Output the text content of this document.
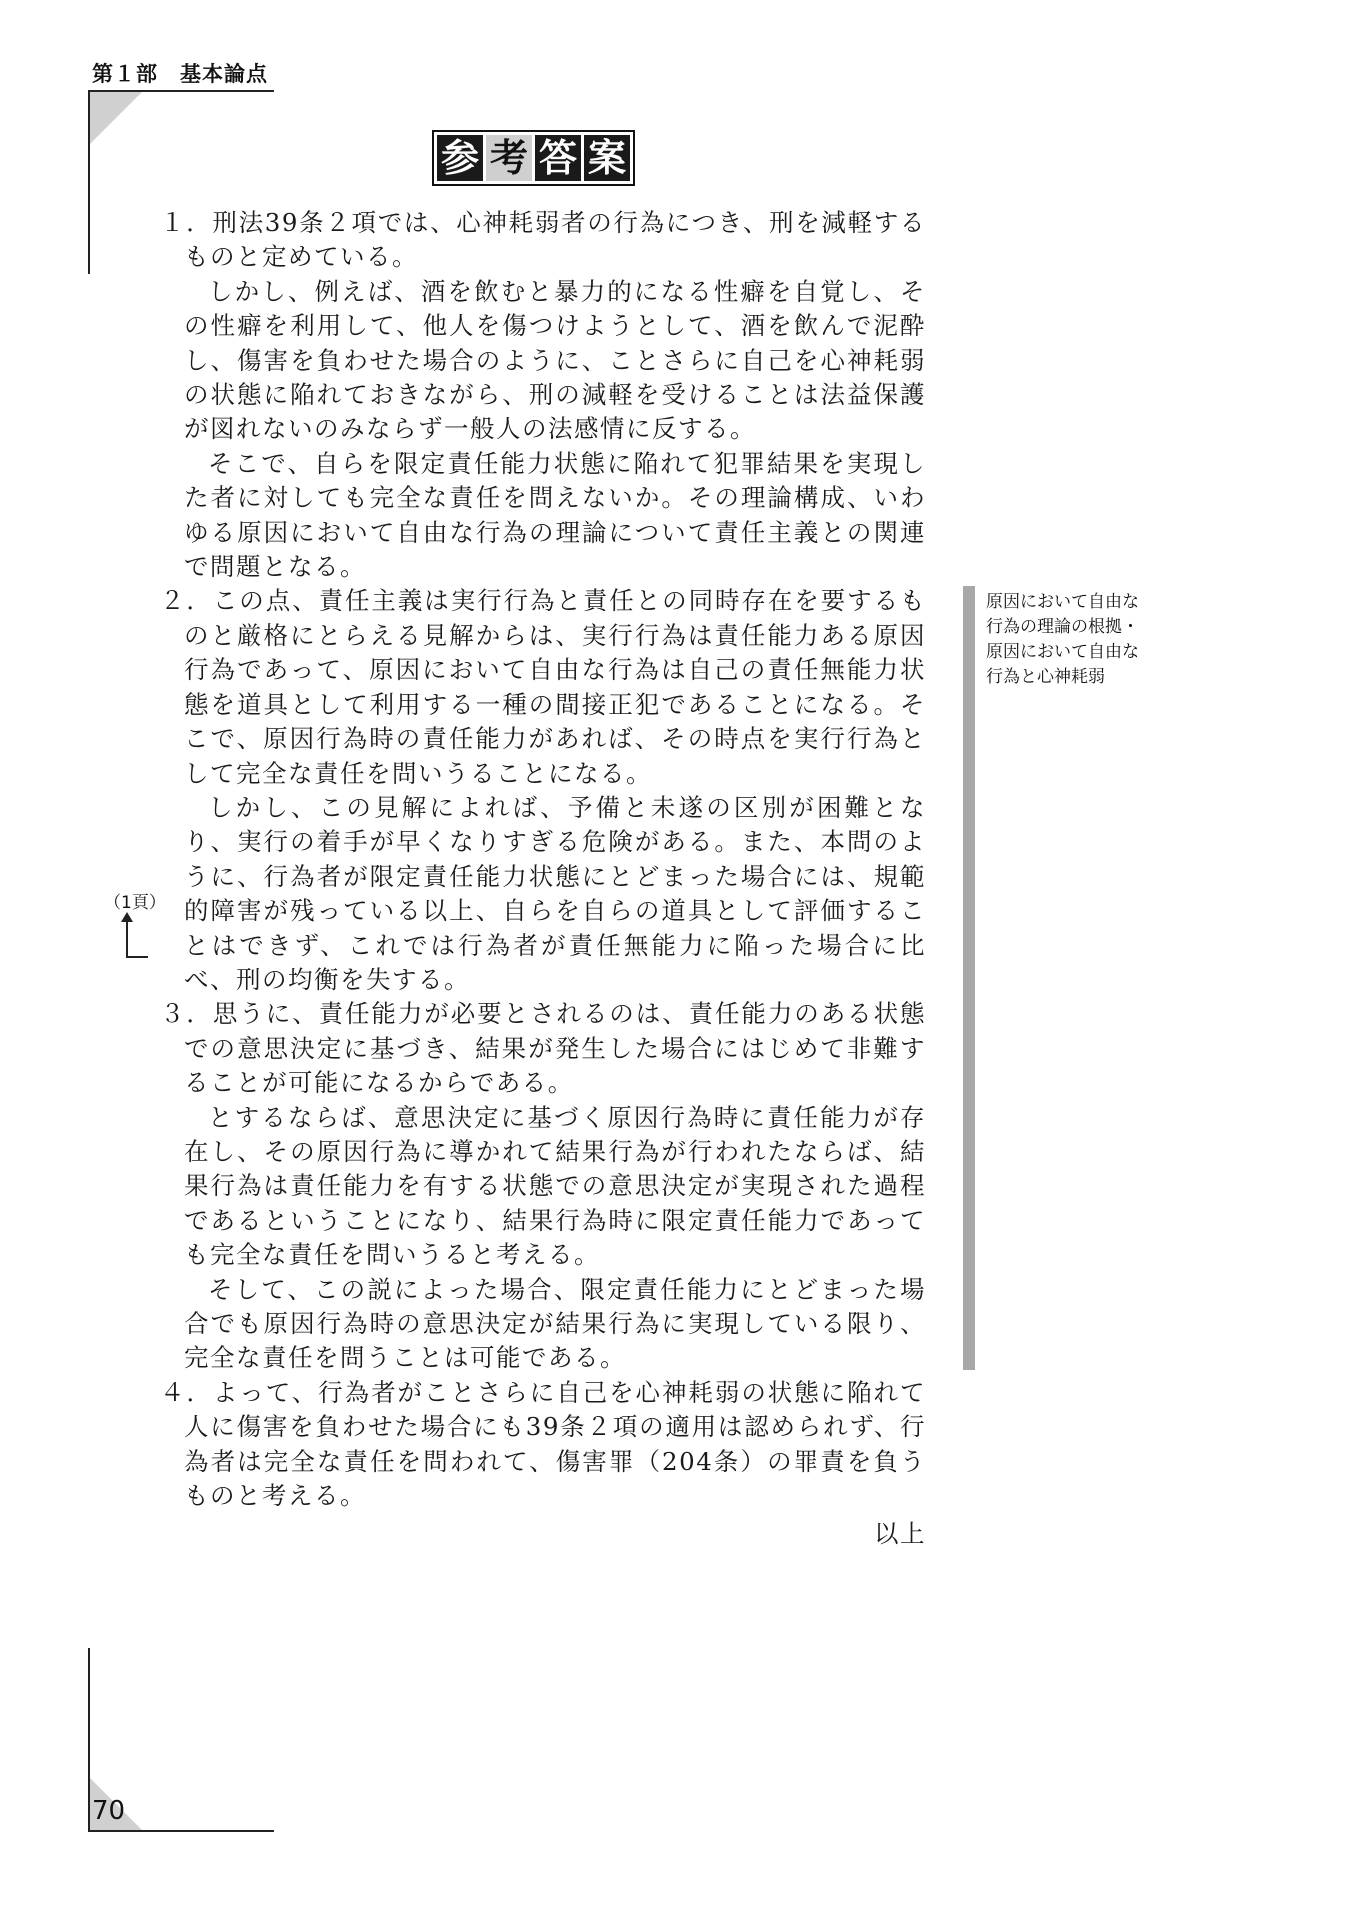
第１部　基本論点
参 考 答 案

１．刑法39条２項では、心神耗弱者の行為につき、刑を減軽するものと定めている。

しかし、例えば、酒を飲むと暴力的になる性癖を自覚し、その性癖を利用して、他人を傷つけようとして、酒を飲んで泥酔し、傷害を負わせた場合のように、ことさらに自己を心神耗弱の状態に陥れておきながら、刑の減軽を受けることは法益保護が図れないのみならず一般人の法感情に反する。

そこで、自らを限定責任能力状態に陥れて犯罪結果を実現した者に対しても完全な責任を問えないか。その理論構成、いわゆる原因において自由な行為の理論について責任主義との関連で問題となる。

２．この点、責任主義は実行行為と責任との同時存在を要するものと厳格にとらえる見解からは、実行行為は責任能力ある原因行為であって、原因において自由な行為は自己の責任無能力状態を道具として利用する一種の間接正犯であることになる。そこで、原因行為時の責任能力があれば、その時点を実行行為として完全な責任を問いうることになる。

しかし、この見解によれば、予備と未遂の区別が困難となり、実行の着手が早くなりすぎる危険がある。また、本問のように、行為者が限定責任能力状態にとどまった場合には、規範的障害が残っている以上、自らを自らの道具として評価することはできず、これでは行為者が責任無能力に陥った場合に比べ、刑の均衡を失する。

３．思うに、責任能力が必要とされるのは、責任能力のある状態での意思決定に基づき、結果が発生した場合にはじめて非難することが可能になるからである。

とするならば、意思決定に基づく原因行為時に責任能力が存在し、その原因行為に導かれて結果行為が行われたならば、結果行為は責任能力を有する状態での意思決定が実現された過程であるということになり、結果行為時に限定責任能力であっても完全な責任を問いうると考える。

そして、この説によった場合、限定責任能力にとどまった場合でも原因行為時の意思決定が結果行為に実現している限り、完全な責任を問うことは可能である。

４．よって、行為者がことさらに自己を心神耗弱の状態に陥れて人に傷害を負わせた場合にも39条２項の適用は認められず、行為者は完全な責任を問われて、傷害罪（204条）の罪責を負うものと考える。

以上

原因において自由な行為の理論の根拠・原因において自由な行為と心神耗弱
（1頁）
70
